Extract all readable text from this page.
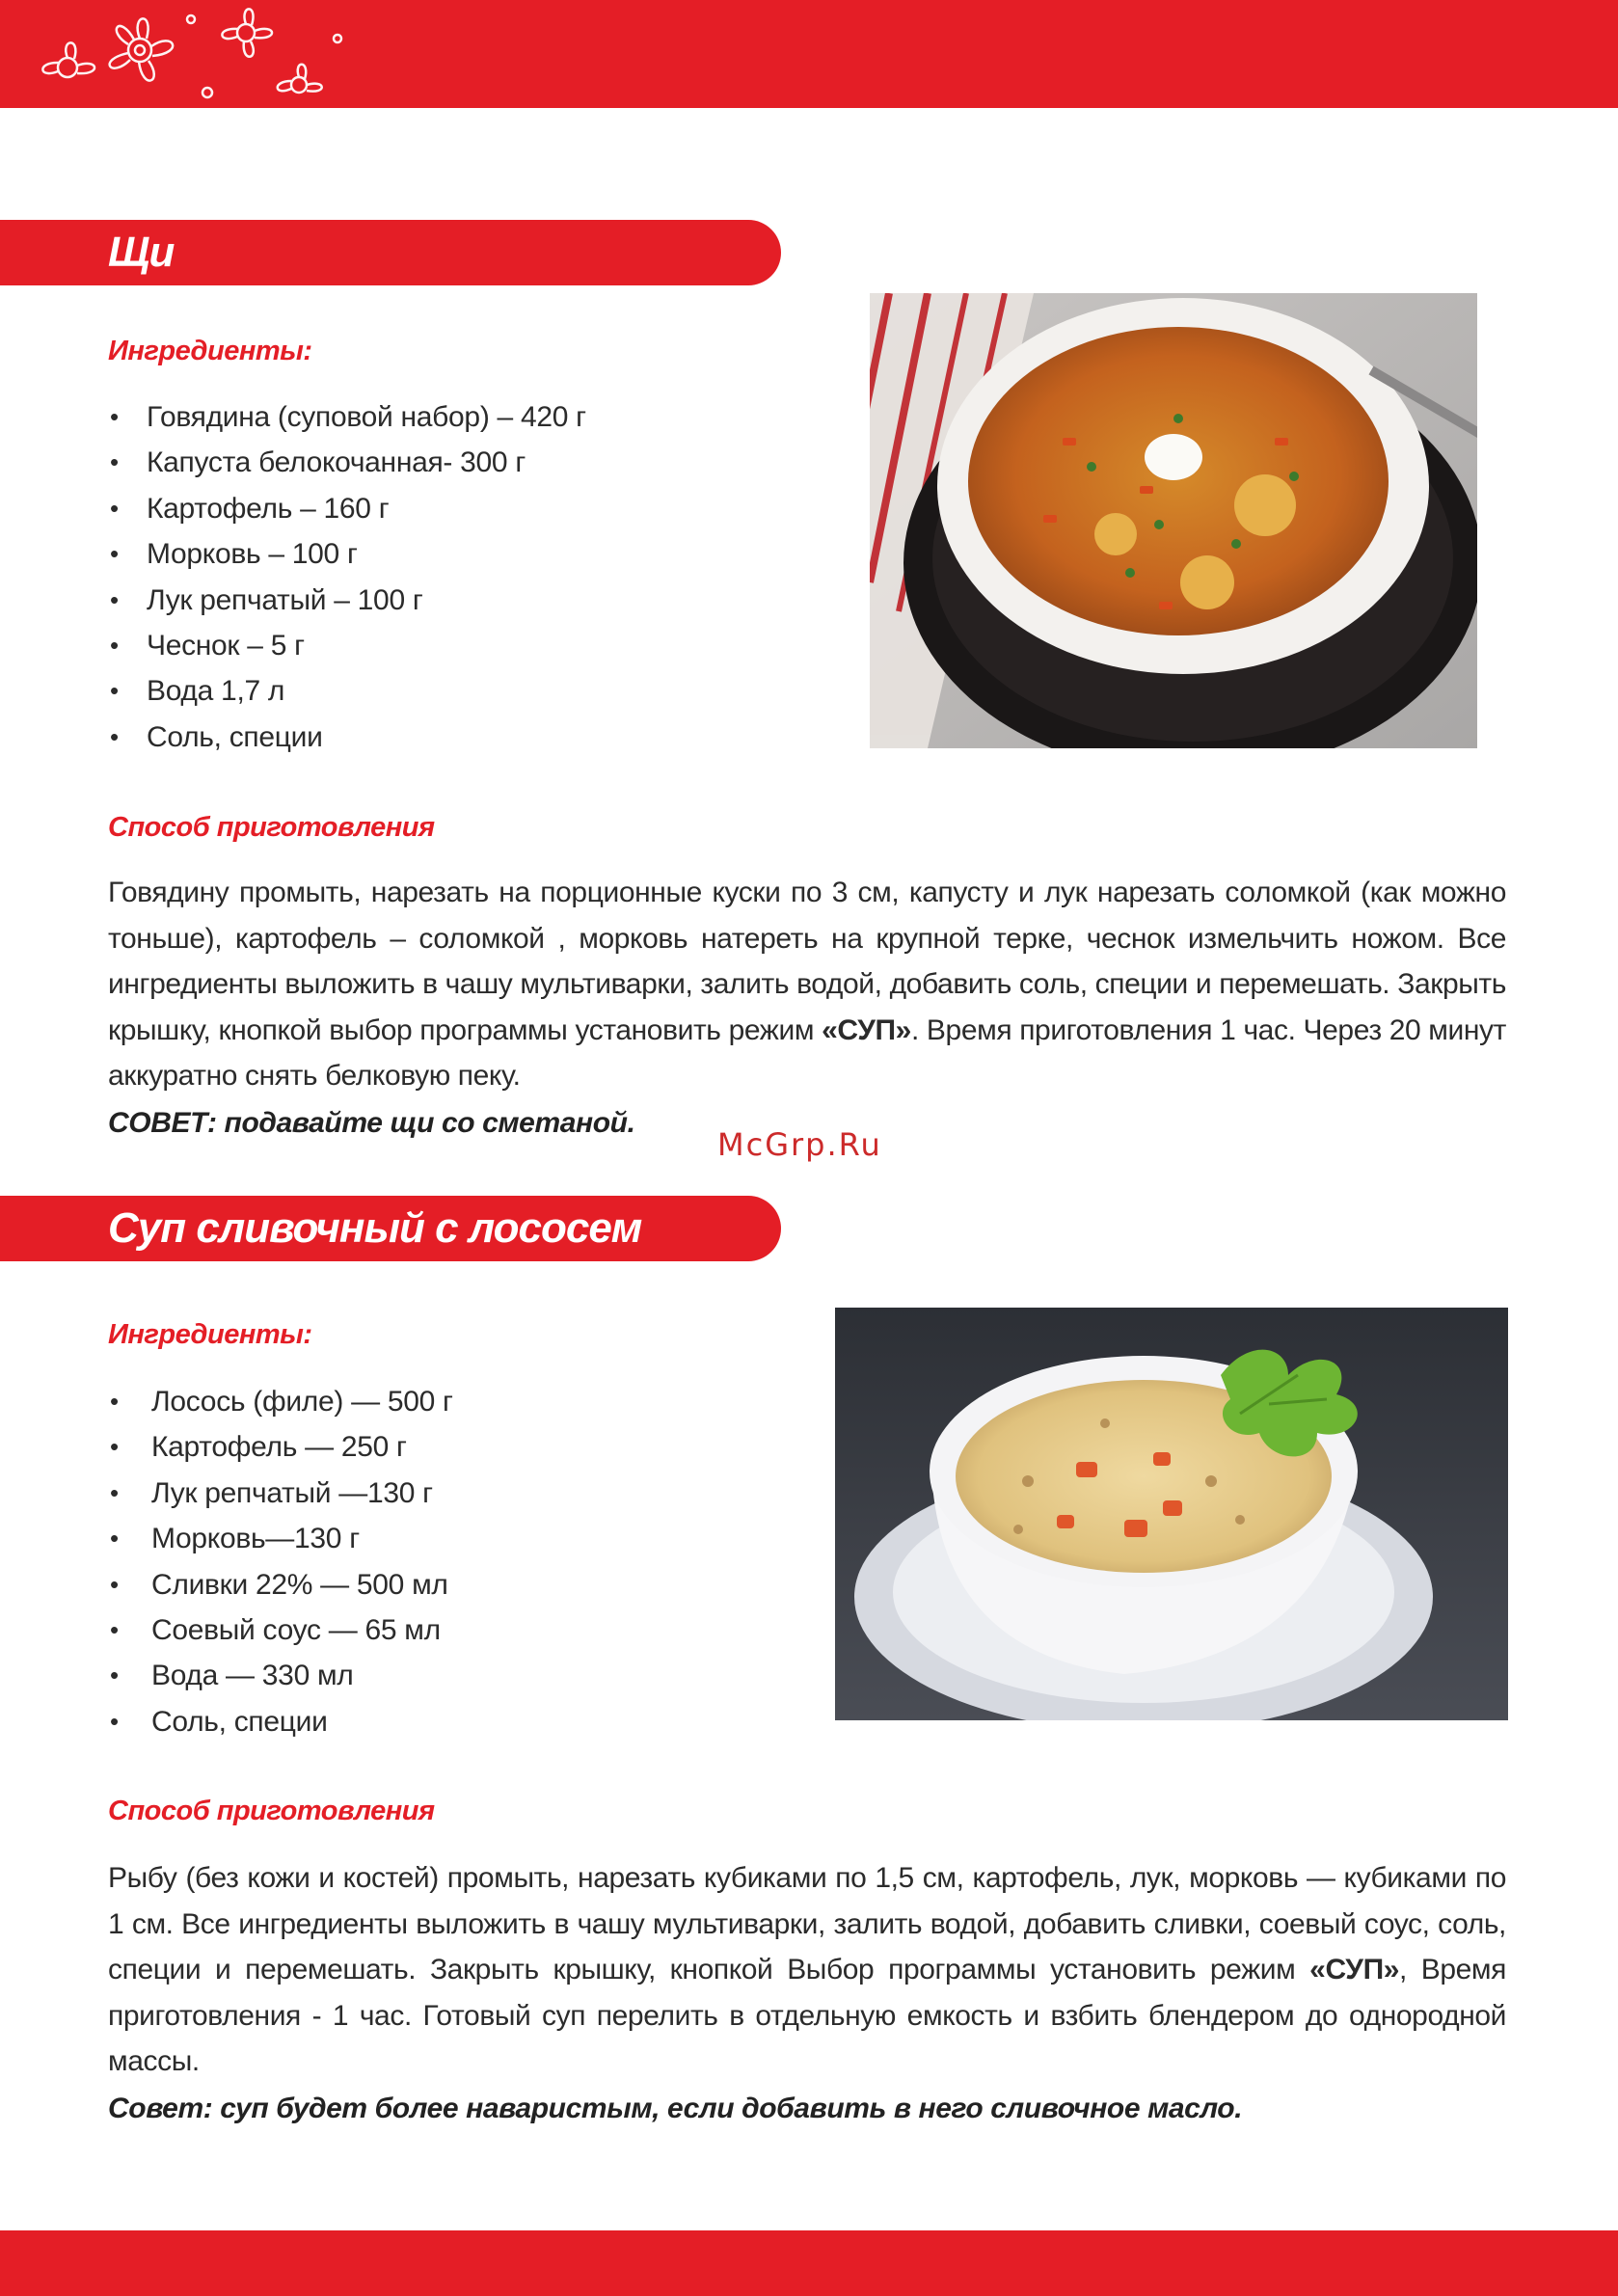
Щи
Ингредиенты:
• Говядина (суповой набор) – 420 г
• Капуста белокочанная- 300 г
• Картофель – 160 г
• Морковь – 100 г
• Лук репчатый – 100 г
• Чеснок – 5 г
• Вода 1,7 л
• Соль, специи
Способ приготовления

Говядину промыть, нарезать на порционные куски по 3 см, капусту и лук нарезать соломкой (как можно тоньше), картофель – соломкой , морковь натереть на крупной терке, чеснок измельчить ножом. Все ингредиенты выложить в чашу мультиварки, залить водой, добавить соль, специи и перемешать. Закрыть крышку, кнопкой выбор программы установить режим «СУП». Время приготовления 1 час. Через 20 минут аккуратно снять белковую пеку.

СОВЕТ: подавайте щи со сметаной.
McGrp.Ru
Суп сливочный с лососем
Ингредиенты:
• Лосось (филе) — 500 г
• Картофель — 250 г
• Лук репчатый —130 г
• Морковь—130 г
• Сливки 22% — 500 мл
• Соевый соус — 65 мл
• Вода — 330 мл
• Соль, специи
Способ приготовления

Рыбу (без кожи и костей) промыть, нарезать кубиками по 1,5 см, картофель, лук, морковь — кубиками по 1 см. Все ингредиенты выложить в чашу мультиварки, залить водой, добавить сливки, соевый соус, соль, специи и перемешать. Закрыть крышку, кнопкой Выбор программы установить режим «СУП», Время приготовления - 1 час. Готовый суп перелить в отдельную емкость и взбить блендером до однородной массы.

Совет: суп будет более наваристым, если добавить в него сливочное масло.
